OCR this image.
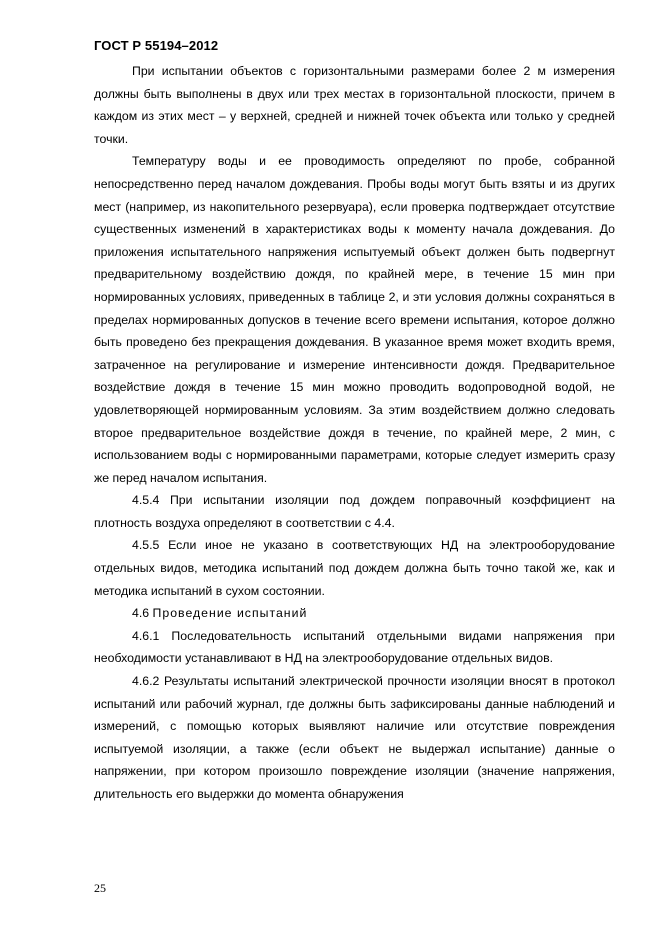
ГОСТ Р 55194–2012

При испытании объектов с горизонтальными размерами более 2 м измерения должны быть выполнены в двух или трех местах в горизонтальной плоскости, причем в каждом из этих мест – у верхней, средней и нижней точек объекта или только у средней точки.

Температуру воды и ее проводимость определяют по пробе, собранной непосредственно перед началом дождевания. Пробы воды могут быть взяты и из других мест (например, из накопительного резервуара), если проверка подтверждает отсутствие существенных изменений в характеристиках воды к моменту начала дождевания. До приложения испытательного напряжения испытуемый объект должен быть подвергнут предварительному воздействию дождя, по крайней мере, в течение 15 мин при нормированных условиях, приведенных в таблице 2, и эти условия должны сохраняться в пределах нормированных допусков в течение всего времени испытания, которое должно быть проведено без прекращения дождевания. В указанное время может входить время, затраченное на регулирование и измерение интенсивности дождя. Предварительное воздействие дождя в течение 15 мин можно проводить водопроводной водой, не удовлетворяющей нормированным условиям. За этим воздействием должно следовать второе предварительное воздействие дождя в течение, по крайней мере, 2 мин, с использованием воды с нормированными параметрами, которые следует измерить сразу же перед началом испытания.

4.5.4 При испытании изоляции под дождем поправочный коэффициент на плотность воздуха определяют в соответствии с 4.4.

4.5.5 Если иное не указано в соответствующих НД на электрооборудование отдельных видов, методика испытаний под дождем должна быть точно такой же, как и методика испытаний в сухом состоянии.

4.6 Проведение испытаний

4.6.1 Последовательность испытаний отдельными видами напряжения при необходимости устанавливают в НД на электрооборудование отдельных видов.

4.6.2 Результаты испытаний электрической прочности изоляции вносят в протокол испытаний или рабочий журнал, где должны быть зафиксированы данные наблюдений и измерений, с помощью которых выявляют наличие или отсутствие повреждения испытуемой изоляции, а также (если объект не выдержал испытание) данные о напряжении, при котором произошло повреждение изоляции (значение напряжения, длительность его выдержки до момента обнаружения

25
